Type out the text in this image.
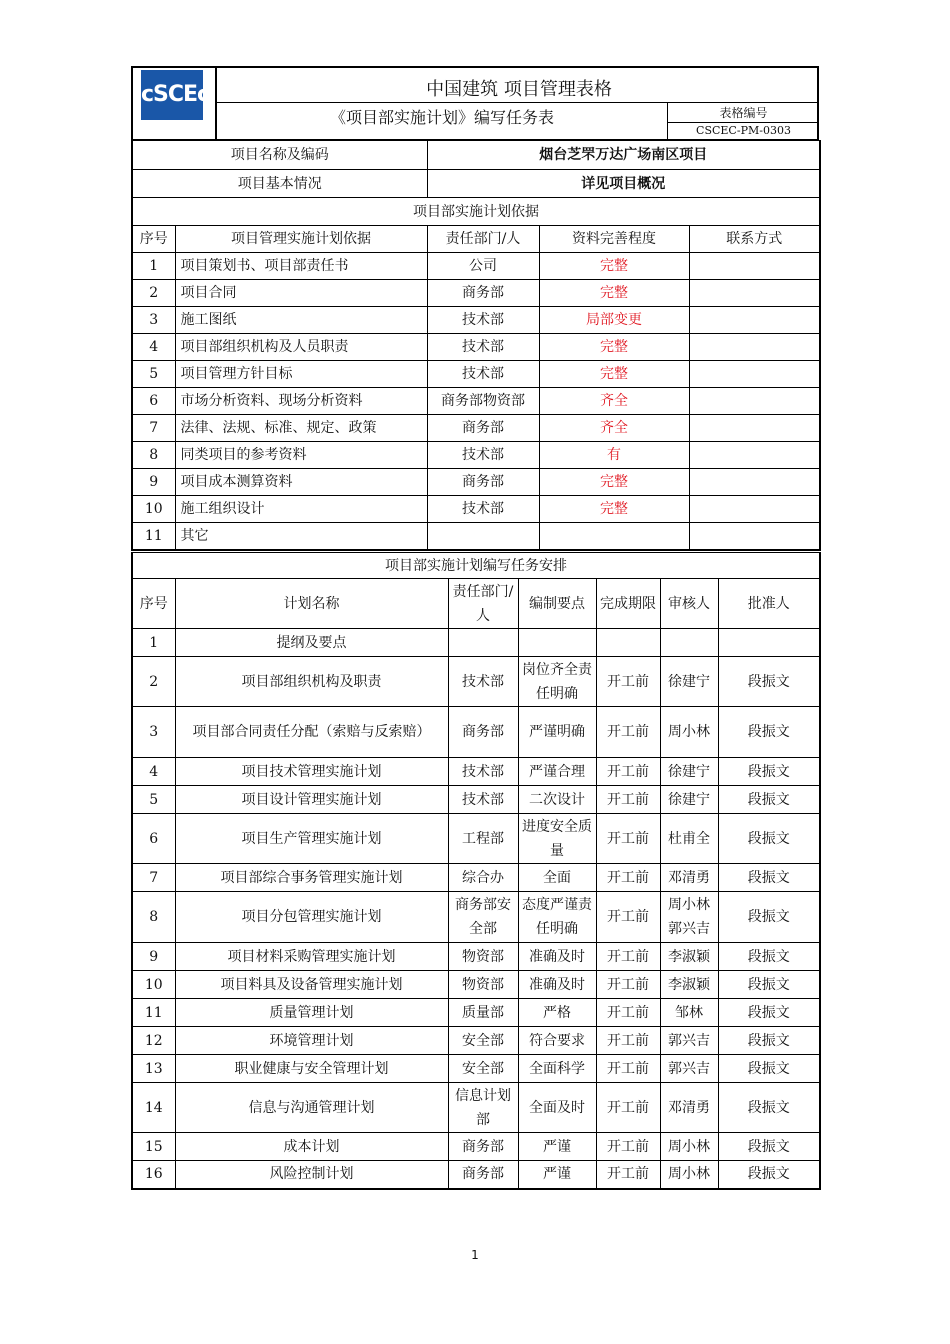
cSCEc	中国建筑 项目管理表格
《项目部实施计划》编写任务表	表格编号
CSCEC-PM-0303
项目名称及编码		烟台芝罘万达广场南区项目		
项目基本情况		详见项目概况		
项目部实施计划依据				
序号	项目管理实施计划依据	责任部门/人	资料完善程度	联系方式
1	项目策划书、项目部责任书	公司	完整	
2	项目合同	商务部	完整	
3	施工图纸	技术部	局部变更	
4	项目部组织机构及人员职责	技术部	完整	
5	项目管理方针目标	技术部	完整	
6	市场分析资料、现场分析资料	商务部物资部	齐全	
7	法律、法规、标准、规定、政策	商务部	齐全	
8	同类项目的参考资料	技术部	有	
9	项目成本测算资料	商务部	完整	
10	施工组织设计	技术部	完整	
11	其它			
项目部实施计划编写任务安排						
序号	计划名称	责任部门/人	编制要点	完成期限	审核人	批准人
1	提纲及要点					
2	项目部组织机构及职责	技术部	岗位齐全责任明确	开工前	徐建宁	段振文
3	项目部合同责任分配（索赔与反索赔）	商务部	严谨明确	开工前	周小林	段振文
4	项目技术管理实施计划	技术部	严谨合理	开工前	徐建宁	段振文
5	项目设计管理实施计划	技术部	二次设计	开工前	徐建宁	段振文
6	项目生产管理实施计划	工程部	进度安全质量	开工前	杜甫全	段振文
7	项目部综合事务管理实施计划	综合办	全面	开工前	邓清勇	段振文
8	项目分包管理实施计划	商务部安全部	态度严谨责任明确	开工前	周小林郭兴吉	段振文
9	项目材料采购管理实施计划	物资部	准确及时	开工前	李淑颖	段振文
10	项目料具及设备管理实施计划	物资部	准确及时	开工前	李淑颖	段振文
11	质量管理计划	质量部	严格	开工前	邹林	段振文
12	环境管理计划	安全部	符合要求	开工前	郭兴吉	段振文
13	职业健康与安全管理计划	安全部	全面科学	开工前	郭兴吉	段振文
14	信息与沟通管理计划	信息计划部	全面及时	开工前	邓清勇	段振文
15	成本计划	商务部	严谨	开工前	周小林	段振文
16	风险控制计划	商务部	严谨	开工前	周小林	段振文
1
